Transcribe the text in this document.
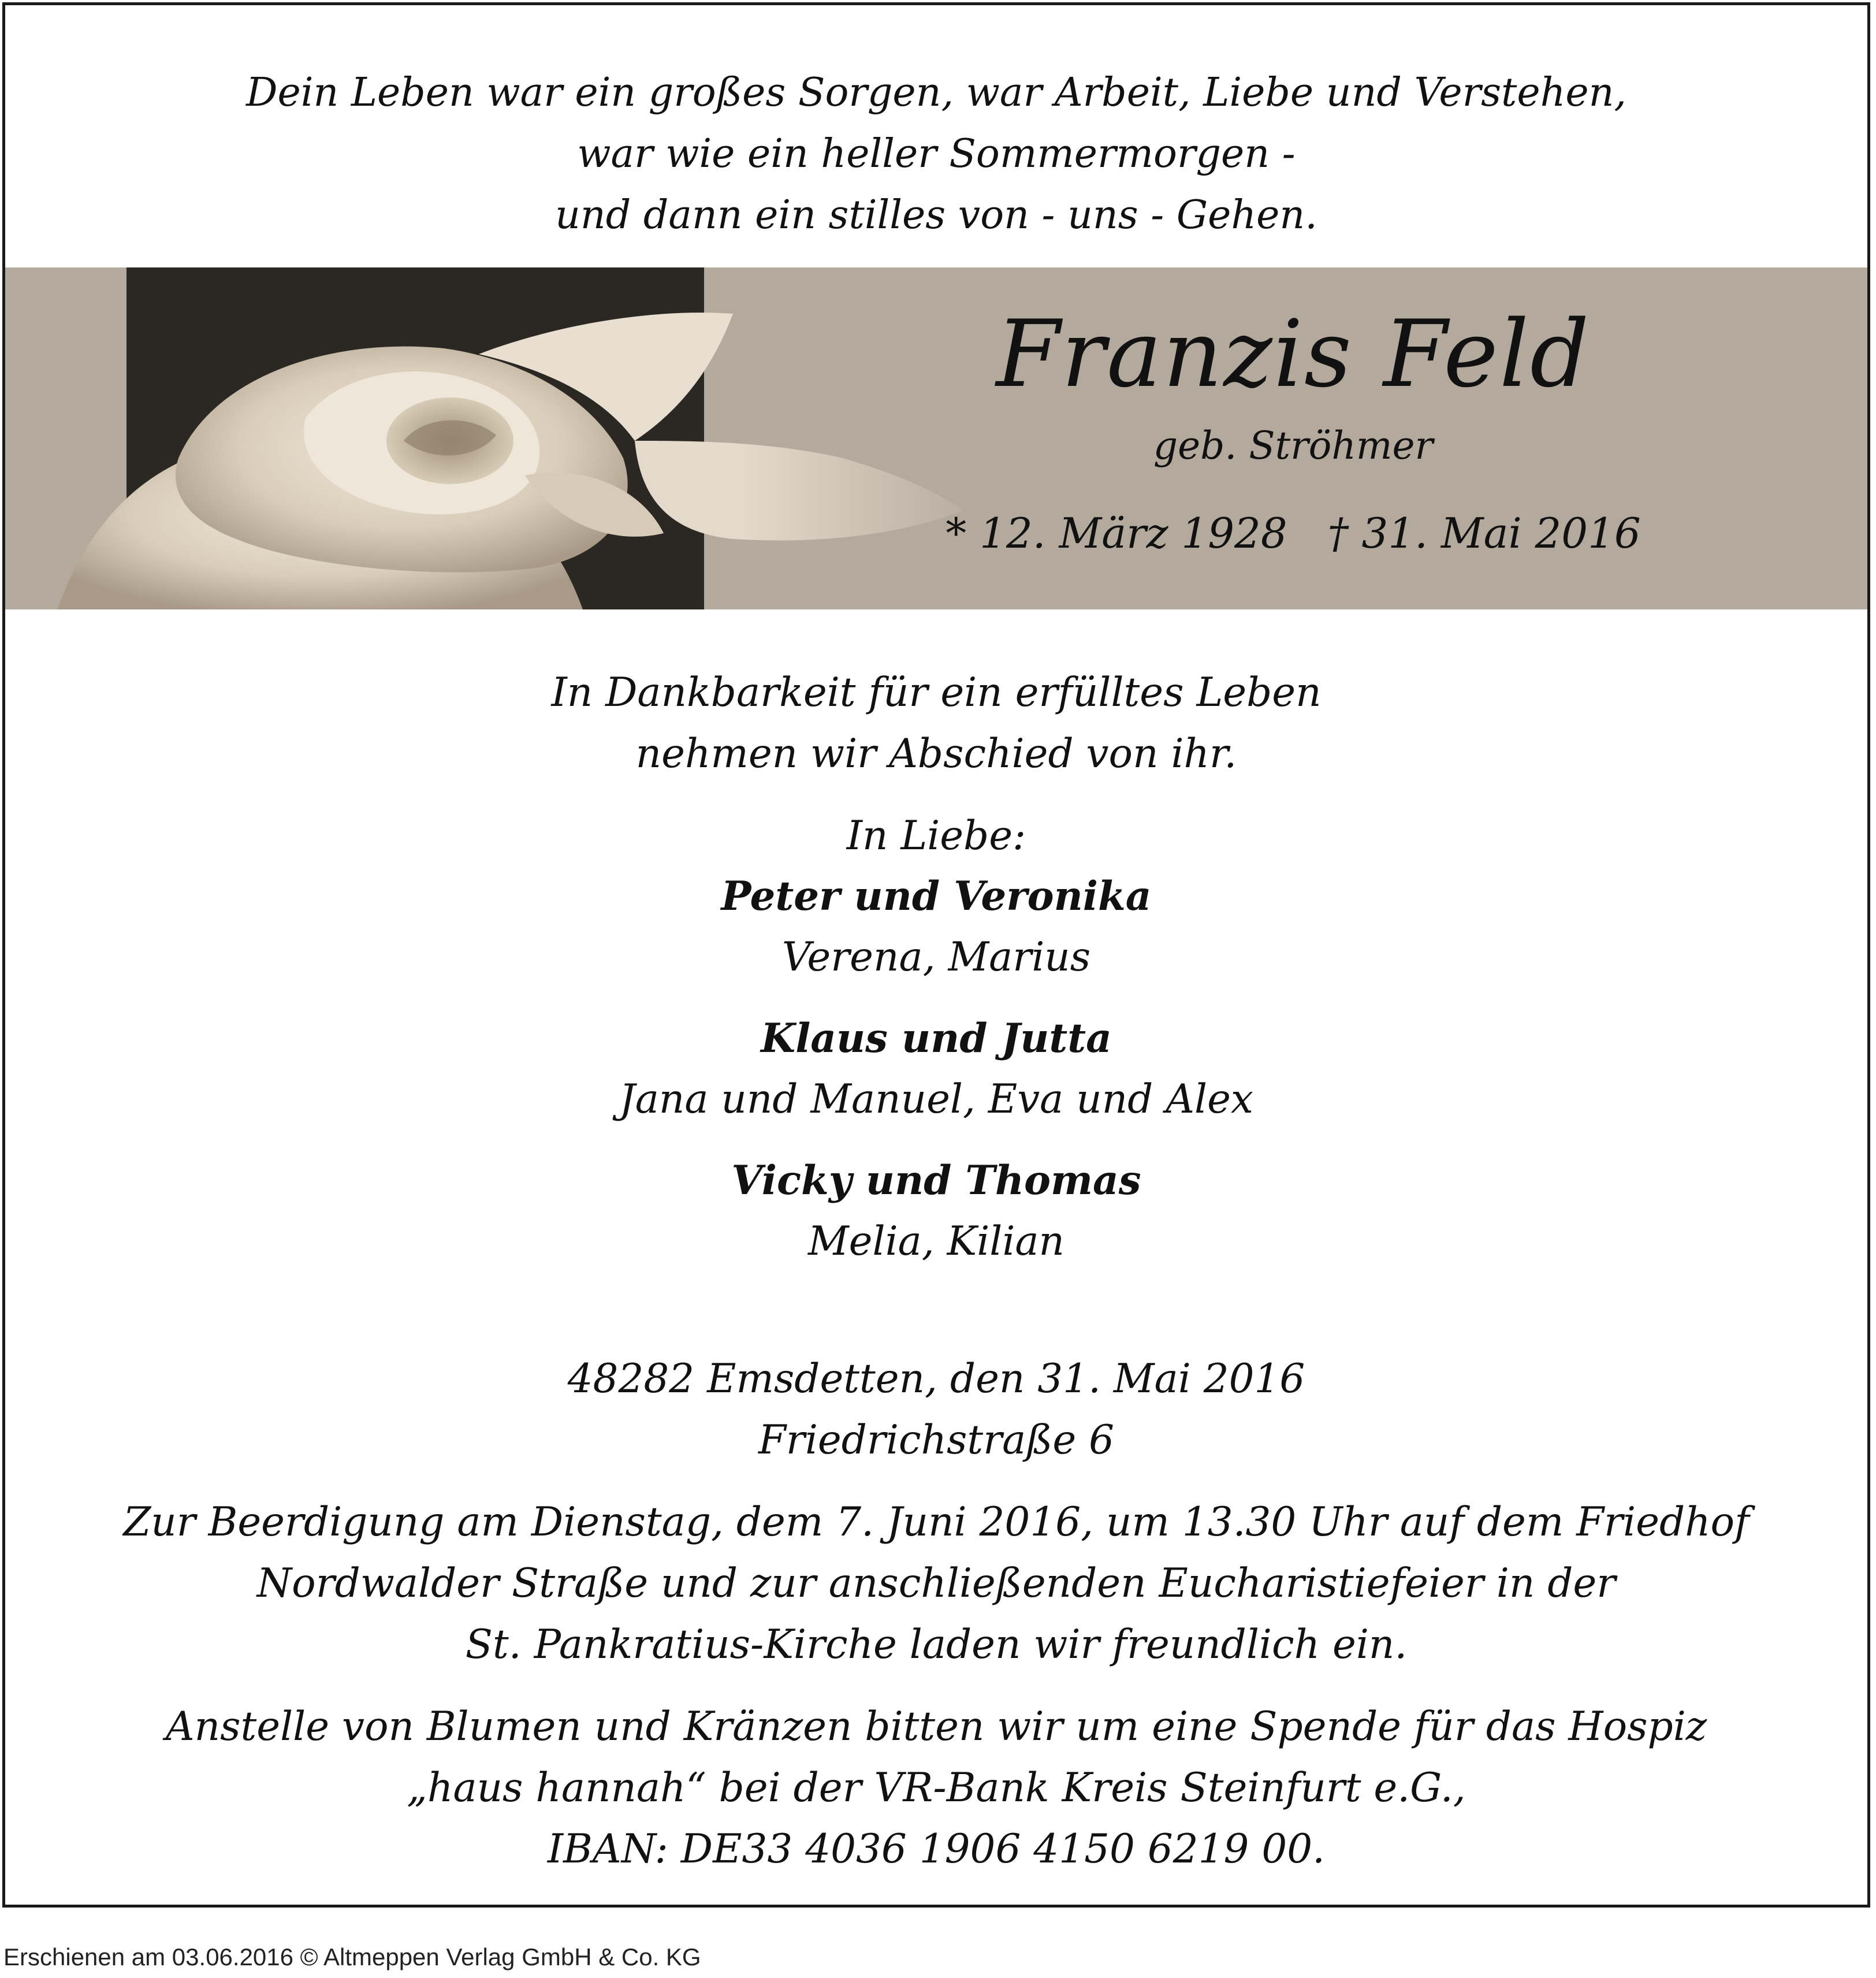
Dein Leben war ein großes Sorgen, war Arbeit, Liebe und Verstehen,
war wie ein heller Sommermorgen -
und dann ein stilles von - uns - Gehen.
Franzis Feld
geb. Ströhmer
* 12. März 1928 † 31. Mai 2016
In Dankbarkeit für ein erfülltes Leben
nehmen wir Abschied von ihr.
In Liebe:
Peter und Veronika
Verena, Marius
Klaus und Jutta
Jana und Manuel, Eva und Alex
Vicky und Thomas
Melia, Kilian
48282 Emsdetten, den 31. Mai 2016
Friedrichstraße 6
Zur Beerdigung am Dienstag, dem 7. Juni 2016, um 13.30 Uhr auf dem Friedhof
Nordwalder Straße und zur anschließenden Eucharistiefeier in der
St. Pankratius-Kirche laden wir freundlich ein.
Anstelle von Blumen und Kränzen bitten wir um eine Spende für das Hospiz
„haus hannah“ bei der VR-Bank Kreis Steinfurt e.G.,
IBAN: DE33 4036 1906 4150 6219 00.
Erschienen am 03.06.2016 © Altmeppen Verlag GmbH & Co. KG
